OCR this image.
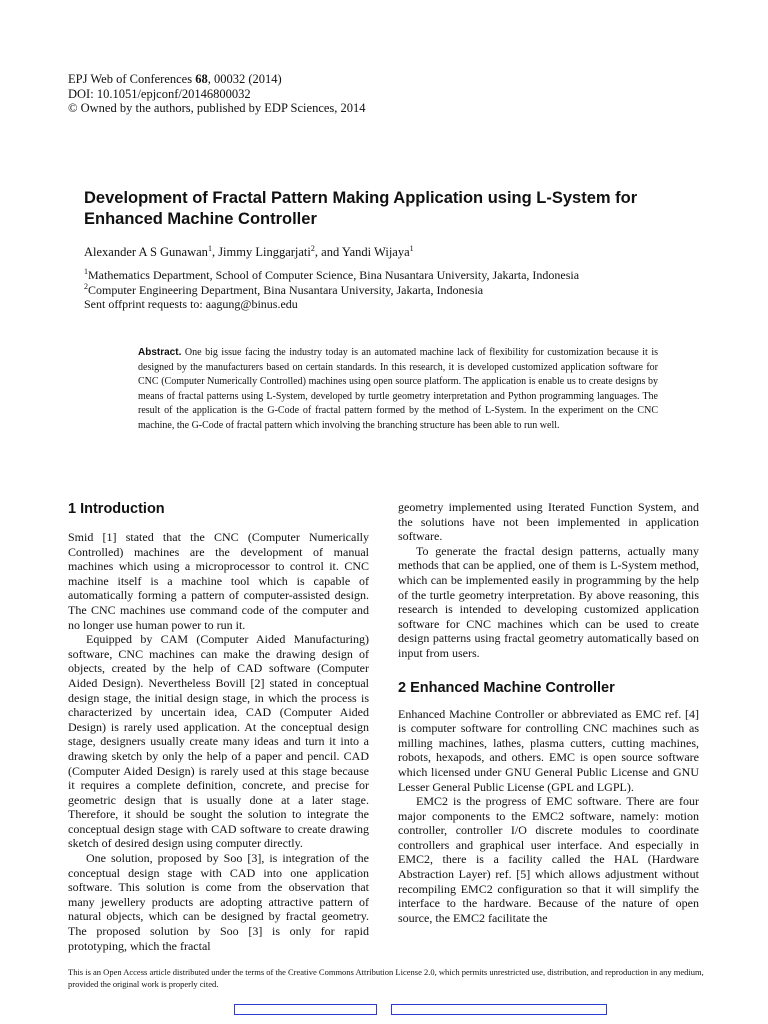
EPJ Web of Conferences 68, 00032 (2014)
DOI: 10.1051/epjconf/20146800032
© Owned by the authors, published by EDP Sciences, 2014
Development of Fractal Pattern Making Application using L-System for Enhanced Machine Controller
Alexander A S Gunawan$^1$, Jimmy Linggarjati$^2$, and Yandi Wijaya$^1$
$^1$Mathematics Department, School of Computer Science, Bina Nusantara University, Jakarta, Indonesia
$^2$Computer Engineering Department, Bina Nusantara University, Jakarta, Indonesia
Sent offprint requests to: aagung@binus.edu
Abstract. One big issue facing the industry today is an automated machine lack of flexibility for customization because it is designed by the manufacturers based on certain standards. In this research, it is developed customized application software for CNC (Computer Numerically Controlled) machines using open source platform. The application is enable us to create designs by means of fractal patterns using L-System, developed by turtle geometry interpretation and Python programming languages. The result of the application is the G-Code of fractal pattern formed by the method of L-System. In the experiment on the CNC machine, the G-Code of fractal pattern which involving the branching structure has been able to run well.
1 Introduction

Smid [1] stated that the CNC (Computer Numerically Controlled) machines are the development of manual machines which using a microprocessor to control it. CNC machine itself is a machine tool which is capable of automatically forming a pattern of computer-assisted design. The CNC machines use command code of the computer and no longer use human power to run it.

Equipped by CAM (Computer Aided Manufacturing) software, CNC machines can make the drawing design of objects, created by the help of CAD software (Computer Aided Design). Nevertheless Bovill [2] stated in conceptual design stage, the initial design stage, in which the process is characterized by uncertain idea, CAD (Computer Aided Design) is rarely used application. At the conceptual design stage, designers usually create many ideas and turn it into a drawing sketch by only the help of a paper and pencil. CAD (Computer Aided Design) is rarely used at this stage because it requires a complete definition, concrete, and precise for geometric design that is usually done at a later stage. Therefore, it should be sought the solution to integrate the conceptual design stage with CAD software to create drawing sketch of desired design using computer directly.

One solution, proposed by Soo [3], is integration of the conceptual design stage with CAD into one application software. This solution is come from the observation that many jewellery products are adopting attractive pattern of natural objects, which can be designed by fractal geometry. The proposed solution by Soo [3] is only for rapid prototyping, which the fractal

geometry implemented using Iterated Function System, and the solutions have not been implemented in application software.

To generate the fractal design patterns, actually many methods that can be applied, one of them is L-System method, which can be implemented easily in programming by the help of the turtle geometry interpretation. By above reasoning, this research is intended to developing customized application software for CNC machines which can be used to create design patterns using fractal geometry automatically based on input from users.

2 Enhanced Machine Controller

Enhanced Machine Controller or abbreviated as EMC ref. [4] is computer software for controlling CNC machines such as milling machines, lathes, plasma cutters, cutting machines, robots, hexapods, and others. EMC is open source software which licensed under GNU General Public License and GNU Lesser General Public License (GPL and LGPL).

EMC2 is the progress of EMC software. There are four major components to the EMC2 software, namely: motion controller, controller I/O discrete modules to coordinate controllers and graphical user interface. And especially in EMC2, there is a facility called the HAL (Hardware Abstraction Layer) ref. [5] which allows adjustment without recompiling EMC2 configuration so that it will simplify the interface to the hardware. Because of the nature of open source, the EMC2 facilitate the

This is an Open Access article distributed under the terms of the Creative Commons Attribution License 2.0, which permits unrestricted use, distribution, and reproduction in any medium, provided the original work is properly cited.
